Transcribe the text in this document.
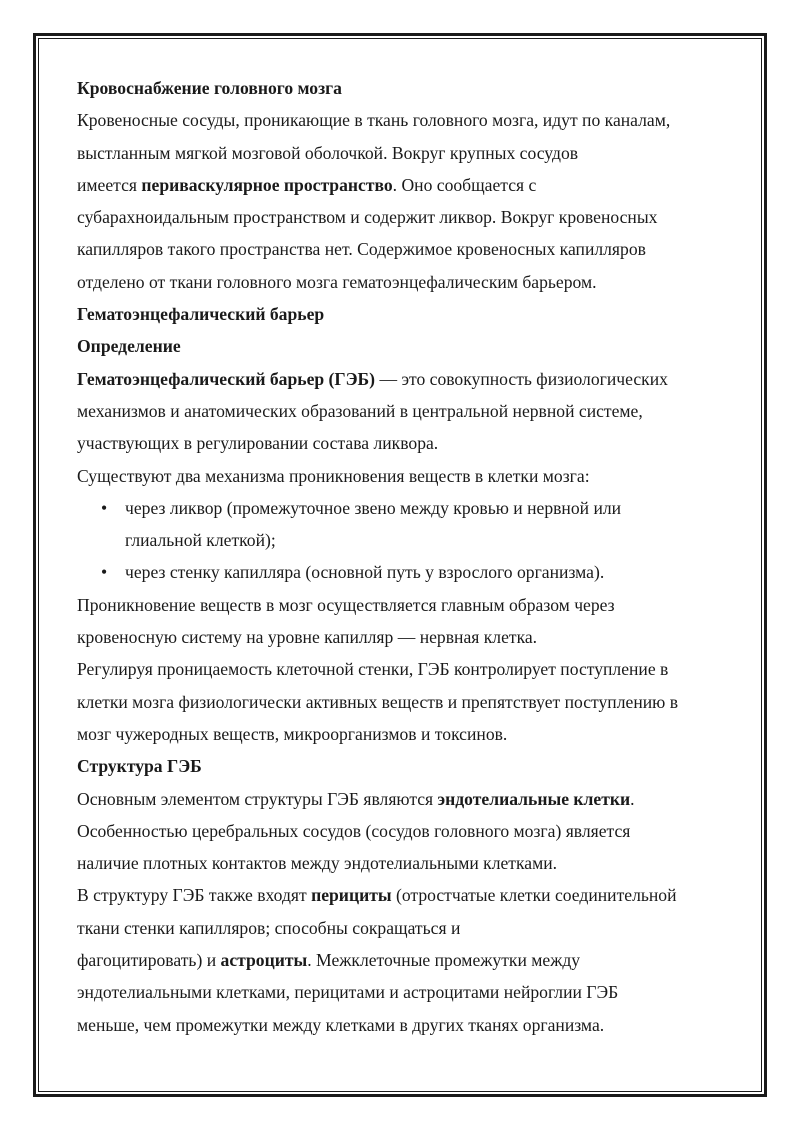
Кровоснабжение головного мозга

Кровеносные сосуды, проникающие в ткань головного мозга, идут по каналам,
выстланным мягкой мозговой оболочкой. Вокруг крупных сосудов
имеется периваскулярное пространство. Оно сообщается с
субарахноидальным пространством и содержит ликвор. Вокруг кровеносных
капилляров такого пространства нет. Содержимое кровеносных капилляров
отделено от ткани головного мозга гематоэнцефалическим барьером.

Гематоэнцефалический барьер

Определение

Гематоэнцефалический барьер (ГЭБ) — это совокупность физиологических
механизмов и анатомических образований в центральной нервной системе,
участвующих в регулировании состава ликвора.

Существуют два механизма проникновения веществ в клетки мозга:

• через ликвор (промежуточное звено между кровью и нервной или
глиальной клеткой);
• через стенку капилляра (основной путь у взрослого организма).

Проникновение веществ в мозг осуществляется главным образом через
кровеносную систему на уровне капилляр — нервная клетка.

Регулируя проницаемость клеточной стенки, ГЭБ контролирует поступление в
клетки мозга физиологически активных веществ и препятствует поступлению в
мозг чужеродных веществ, микроорганизмов и токсинов.

Структура ГЭБ

Основным элементом структуры ГЭБ являются эндотелиальные клетки.
Особенностью церебральных сосудов (сосудов головного мозга) является
наличие плотных контактов между эндотелиальными клетками.

В структуру ГЭБ также входят перициты (отростчатые клетки соединительной
ткани стенки капилляров; способны сокращаться и
фагоцитировать) и астроциты. Межклеточные промежутки между
эндотелиальными клетками, перицитами и астроцитами нейроглии ГЭБ
меньше, чем промежутки между клетками в других тканях организма.
